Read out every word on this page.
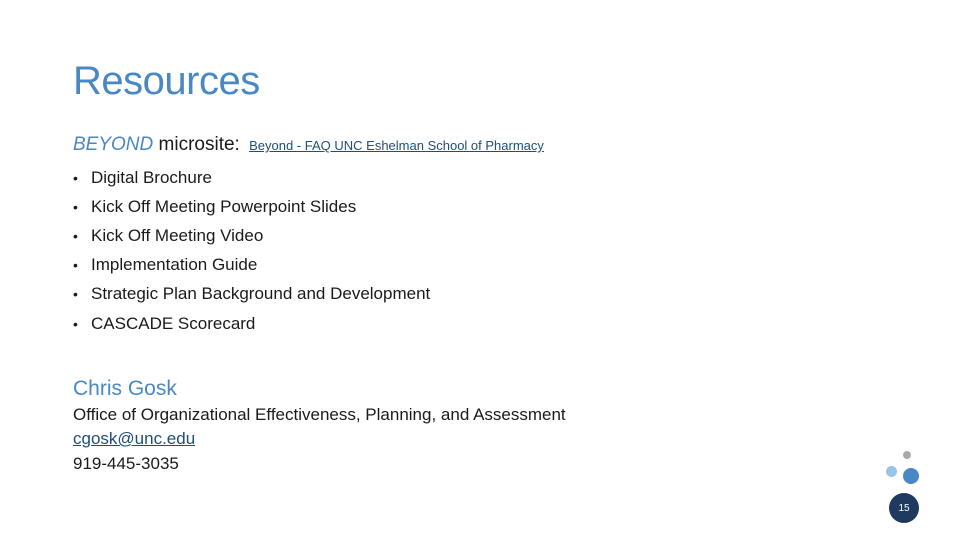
Resources
BEYOND microsite: Beyond - FAQ UNC Eshelman School of Pharmacy
• Digital Brochure
• Kick Off Meeting Powerpoint Slides
• Kick Off Meeting Video
• Implementation Guide
• Strategic Plan Background and Development
• CASCADE Scorecard
Chris Gosk
Office of Organizational Effectiveness, Planning, and Assessment
cgosk@unc.edu
919-445-3035
15
